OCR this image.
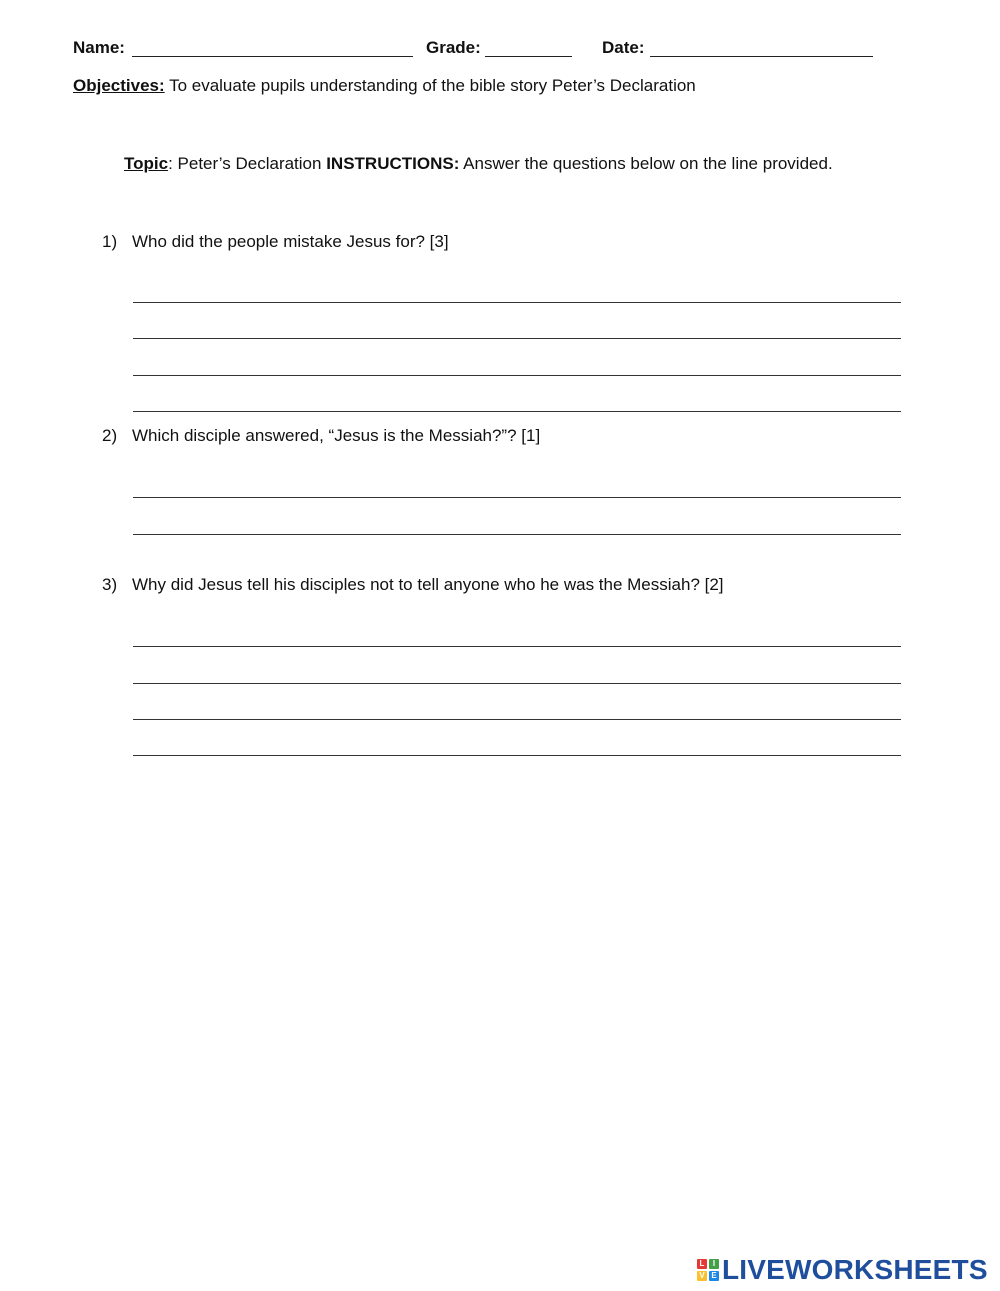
Name:	Grade:	Date:
Objectives: To evaluate pupils understanding of the bible story Peter’s Declaration
Topic: Peter’s Declaration INSTRUCTIONS: Answer the questions below on the line provided.
1) Who did the people mistake Jesus for? [3]
2) Which disciple answered, “Jesus is the Messiah?”? [1]
3) Why did Jesus tell his disciples not to tell anyone who he was the Messiah? [2]
L	I
V E LIVEWORKSHEETS
